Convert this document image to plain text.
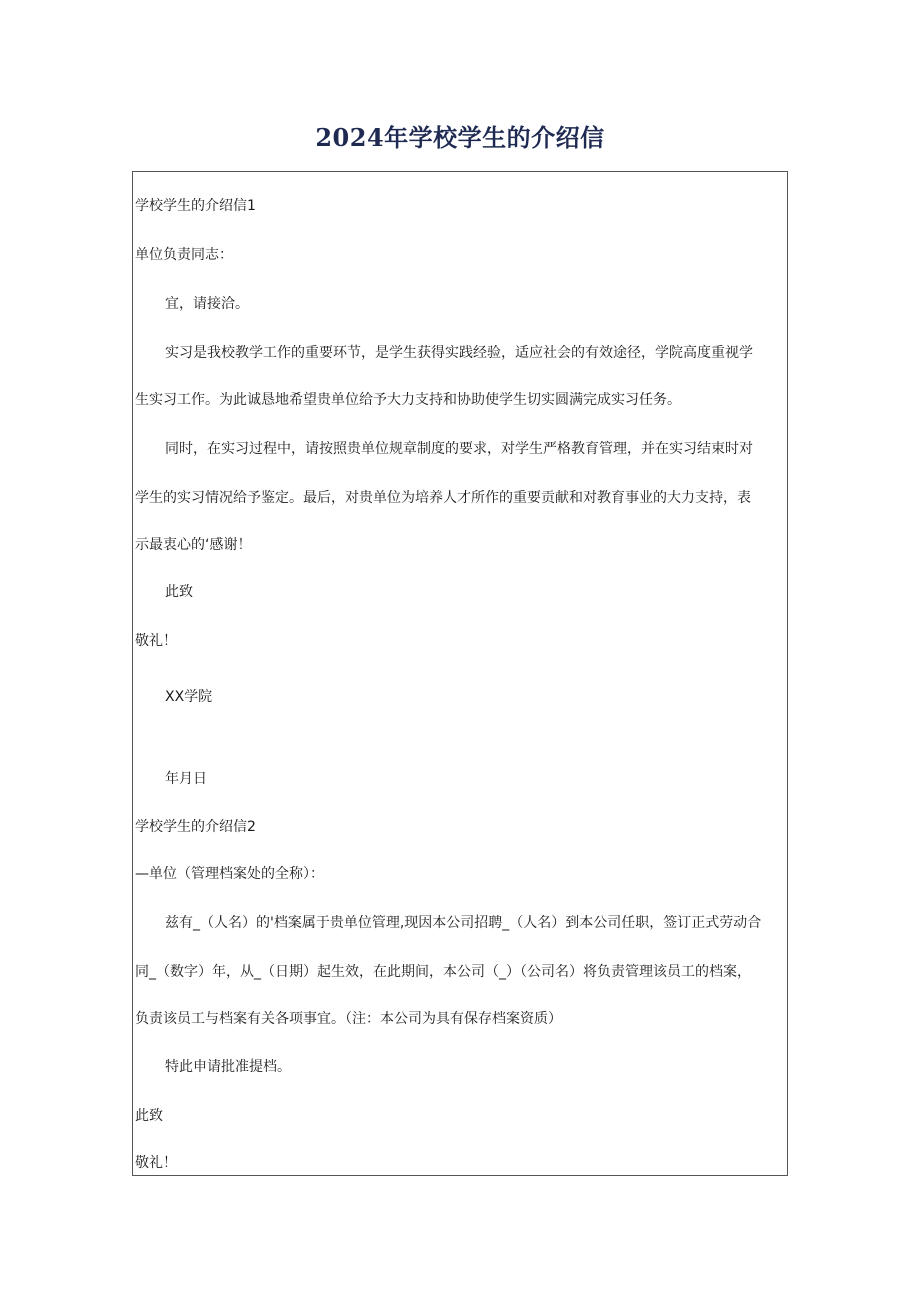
2024年学校学生的介绍信
学校学生的介绍信1
单位负责同志：
宜，请接洽。
实习是我校教学工作的重要环节，是学生获得实践经验，适应社会的有效途径，学院高度重视学
生实习工作。为此诚恳地希望贵单位给予大力支持和协助使学生切实圆满完成实习任务。
同时，在实习过程中，请按照贵单位规章制度的要求，对学生严格教育管理，并在实习结束时对
学生的实习情况给予鉴定。最后，对贵单位为培养人才所作的重要贡献和对教育事业的大力支持，表
示最衷心的‘感谢！
此致
敬礼！
XX学院
年月日
学校学生的介绍信2
—单位（管理档案处的全称）：
兹有_（人名）的'档案属于贵单位管理,现因本公司招聘_（人名）到本公司任职，签订正式劳动合
同_（数字）年，从_（日期）起生效，在此期间，本公司（_）（公司名）将负责管理该员工的档案，
负责该员工与档案有关各项事宜。（注：本公司为具有保存档案资质）
特此申请批准提档。
此致
敬礼！
